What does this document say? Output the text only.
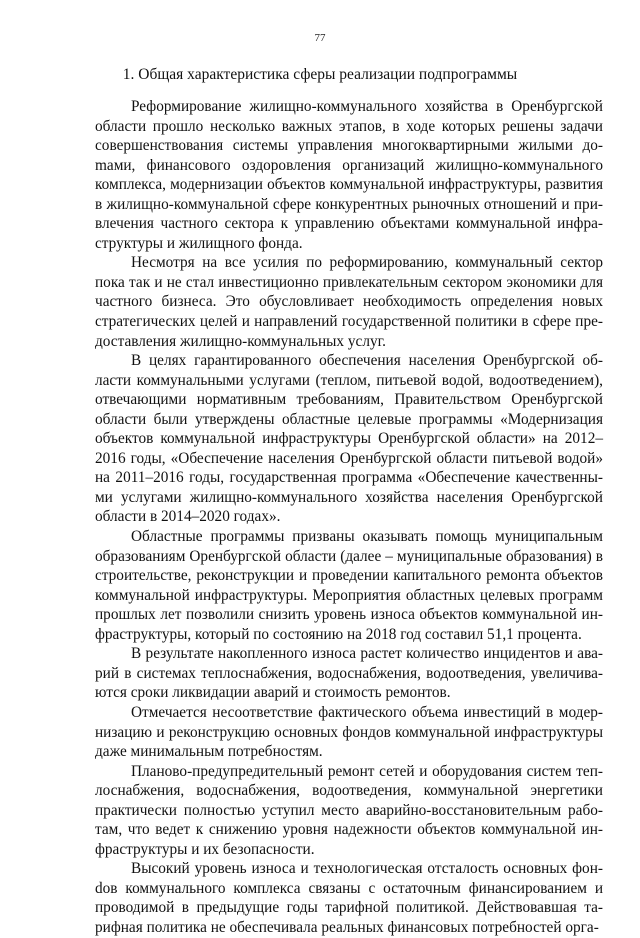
77
1. Общая характеристика сферы реализации подпрограммы

Реформирование жилищно-коммунального хозяйства в Оренбургской области прошло несколько важных этапов, в ходе которых решены задачи совершенствования системы управления многоквартирными жилыми доmами, финансового оздоровления организаций жилищно-коммунального комплекса, модернизации объектов коммунальной инфраструктуры, развития в жилищно-коммунальной сфере конкурентных рыночных отношений и привлечения частного сектора к управлению объектами коммунальной инфраструктуры и жилищного фонда.

Несмотря на все усилия по реформированию, коммунальный сектор пока так и не стал инвестиционно привлекательным сектором экономики для частного бизнеса. Это обусловливает необходимость определения новых стратегических целей и направлений государственной политики в сфере предоставления жилищно-коммунальных услуг.

В целях гарантированного обеспечения населения Оренбургской области коммунальными услугами (теплом, питьевой водой, водоотведением), отвечающими нормативным требованиям, Правительством Оренбургской области были утверждены областные целевые программы «Модернизация объектов коммунальной инфраструктуры Оренбургской области» на 2012–2016 годы, «Обеспечение населения Оренбургской области питьевой водой» на 2011–2016 годы, государственная программа «Обеспечение качественными услугами жилищно-коммунального хозяйства населения Оренбургской области в 2014–2020 годах».

Областные программы призваны оказывать помощь муниципальным образованиям Оренбургской области (далее – муниципальные образования) в строительстве, реконструкции и проведении капитального ремонта объектов коммунальной инфраструктуры. Мероприятия областных целевых программ прошлых лет позволили снизить уровень износа объектов коммунальной инфраструктуры, который по состоянию на 2018 год составил 51,1 процента.

В результате накопленного износа растет количество инцидентов и аварий в системах теплоснабжения, водоснабжения, водоотведения, увеличиваются сроки ликвидации аварий и стоимость ремонтов.

Отмечается несоответствие фактического объема инвестиций в модернизацию и реконструкцию основных фондов коммунальной инфраструктуры даже минимальным потребностям.

Планово-предупредительный ремонт сетей и оборудования систем теплоснабжения, водоснабжения, водоотведения, коммунальной энергетики практически полностью уступил место аварийно-восстановительным работам, что ведет к снижению уровня надежности объектов коммунальной инфраструктуры и их безопасности.

Высокий уровень износа и технологическая отсталость основных фонdов коммунального комплекса связаны с остаточным финансированием и проводимой в предыдущие годы тарифной политикой. Действовавшая тарифная политика не обеспечивала реальных финансовых потребностей орга-
